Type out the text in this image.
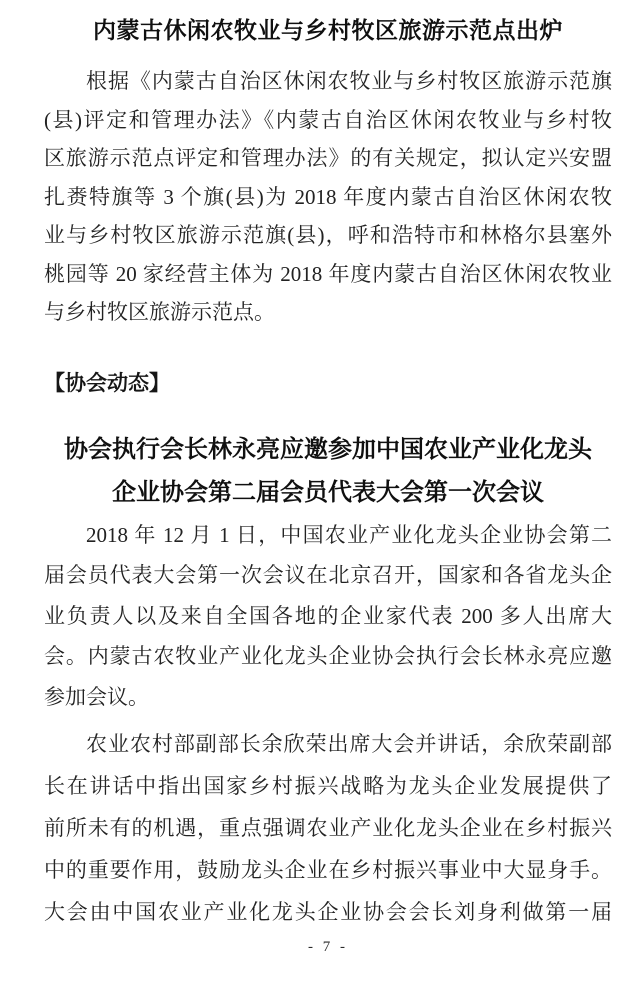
内蒙古休闲农牧业与乡村牧区旅游示范点出炉
根据《内蒙古自治区休闲农牧业与乡村牧区旅游示范旗
(县)评定和管理办法》《内蒙古自治区休闲农牧业与乡村牧
区旅游示范点评定和管理办法》的有关规定，拟认定兴安盟
扎赉特旗等 3 个旗(县)为 2018 年度内蒙古自治区休闲农牧
业与乡村牧区旅游示范旗(县)，呼和浩特市和林格尔县塞外
桃园等 20 家经营主体为 2018 年度内蒙古自治区休闲农牧业
与乡村牧区旅游示范点。
【协会动态】
协会执行会长林永亮应邀参加中国农业产业化龙头
企业协会第二届会员代表大会第一次会议
2018 年 12 月 1 日，中国农业产业化龙头企业协会第二
届会员代表大会第一次会议在北京召开，国家和各省龙头企
业负责人以及来自全国各地的企业家代表 200 多人出席大
会。内蒙古农牧业产业化龙头企业协会执行会长林永亮应邀
参加会议。
农业农村部副部长余欣荣出席大会并讲话，余欣荣副部
长在讲话中指出国家乡村振兴战略为龙头企业发展提供了
前所未有的机遇，重点强调农业产业化龙头企业在乡村振兴
中的重要作用，鼓励龙头企业在乡村振兴事业中大显身手。
大会由中国农业产业化龙头企业协会会长刘身利做第一届
- 7 -
